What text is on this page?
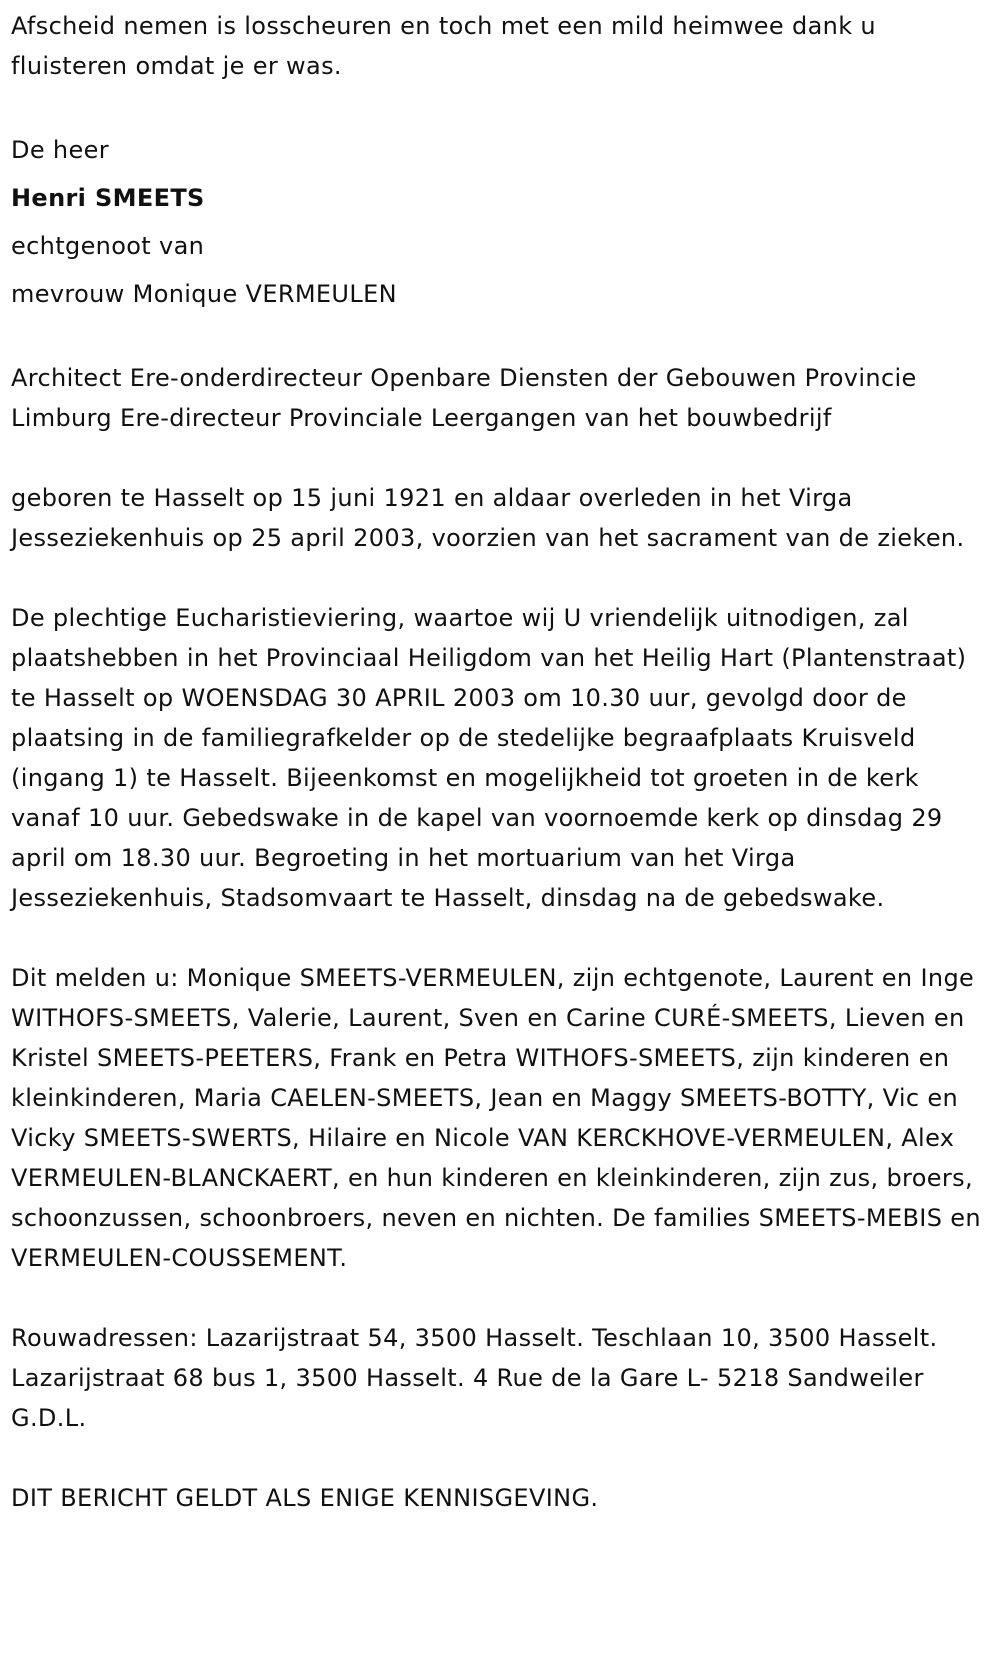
Afscheid nemen is losscheuren en toch met een mild heimwee dank u fluisteren omdat je er was.

De heer
Henri SMEETS
echtgenoot van
mevrouw Monique VERMEULEN

Architect Ere-onderdirecteur Openbare Diensten der Gebouwen Provincie Limburg Ere-directeur Provinciale Leergangen van het bouwbedrijf

geboren te Hasselt op 15 juni 1921 en aldaar overleden in het Virga Jesseziekenhuis op 25 april 2003, voorzien van het sacrament van de zieken.

De plechtige Eucharistieviering, waartoe wij U vriendelijk uitnodigen, zal plaatshebben in het Provinciaal Heiligdom van het Heilig Hart (Plantenstraat) te Hasselt op WOENSDAG 30 APRIL 2003 om 10.30 uur, gevolgd door de plaatsing in de familiegrafkelder op de stedelijke begraafplaats Kruisveld (ingang 1) te Hasselt. Bijeenkomst en mogelijkheid tot groeten in de kerk vanaf 10 uur. Gebedswake in de kapel van voornoemde kerk op dinsdag 29 april om 18.30 uur. Begroeting in het mortuarium van het Virga Jesseziekenhuis, Stadsomvaart te Hasselt, dinsdag na de gebedswake.

Dit melden u: Monique SMEETS-VERMEULEN, zijn echtgenote, Laurent en Inge WITHOFS-SMEETS, Valerie, Laurent, Sven en Carine CURÉ-SMEETS, Lieven en Kristel SMEETS-PEETERS, Frank en Petra WITHOFS-SMEETS, zijn kinderen en kleinkinderen, Maria CAELEN-SMEETS, Jean en Maggy SMEETS-BOTTY, Vic en Vicky SMEETS-SWERTS, Hilaire en Nicole VAN KERCKHOVE-VERMEULEN, Alex VERMEULEN-BLANCKAERT, en hun kinderen en kleinkinderen, zijn zus, broers, schoonzussen, schoonbroers, neven en nichten. De families SMEETS-MEBIS en VERMEULEN-COUSSEMENT.

Rouwadressen: Lazarijstraat 54, 3500 Hasselt. Teschlaan 10, 3500 Hasselt. Lazarijstraat 68 bus 1, 3500 Hasselt. 4 Rue de la Gare L- 5218 Sandweiler G.D.L.

DIT BERICHT GELDT ALS ENIGE KENNISGEVING.
